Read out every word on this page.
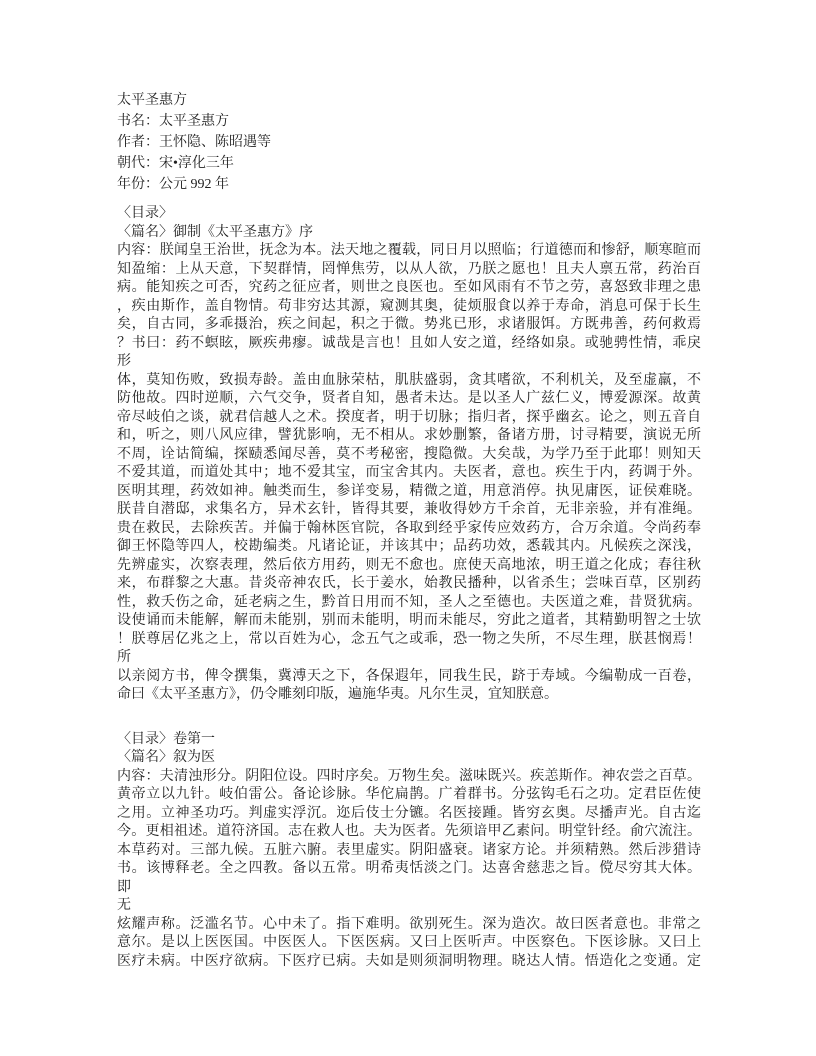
太平圣惠方
书名：太平圣惠方
作者：王怀隐、陈昭遇等
朝代：宋•淳化三年
年份：公元 992 年
〈目录〉
〈篇名〉御制《太平圣惠方》序
内容：朕闻皇王治世，抚念为本。法天地之覆载，同日月以照临；行道德而和惨舒，顺寒暄而
知盈缩：上从天意，下契群情，罔惮焦劳，以从人欲，乃朕之愿也！且夫人禀五常，药治百
病。能知疾之可否，究药之征应者，则世之良医也。至如风雨有不节之劳，喜怒致非理之患
，疾由斯作，盖自物情。苟非穷达其源，窥测其奥，徒烦服食以养于寿命，消息可保于长生
矣，自古同，多乖摄治，疾之间起，积之于微。势兆已形，求诸服饵。方既弗善，药何救焉
？书曰：药不螟眩，厥疾弗瘳。诚哉是言也！且如人安之道，经络如泉。或驰骋性情，乖戾
形
体，莫知伤败，致损寿龄。盖由血脉荣枯，肌肤盛弱，贪其嗜欲，不利机关，及至虚羸，不
防他故。四时逆顺，六气交争，贤者自知，愚者未达。是以圣人广兹仁义，博爱源深。故黄
帝尽岐伯之谈，就君信越人之术。揆度者，明于切脉；指归者，探乎幽玄。论之，则五音自
和，听之，则八风应律，譬犹影响，无不相从。求妙删繁，备诸方册，讨寻精要，演说无所
不周，诠诂简编，探赜悉闻尽善，莫不考秘密，搜隐微。大矣哉，为学乃至于此耶！则知天
不爱其道，而道处其中；地不爱其宝，而宝舍其内。夫医者，意也。疾生于内，药调于外。
医明其理，药效如神。触类而生，参详变易，精微之道，用意消停。执见庸医，证侯难晓。
朕昔自潜邸，求集名方，异术玄针，皆得其要，兼收得妙方千余首，无非亲验，并有准绳。
贵在救民，去除疾苦。并偏于翰林医官院，各取到经乎家传应效药方，合万余道。令尚药奉
御王怀隐等四人，校勘编类。凡诸论证，并该其中；品药功效，悉载其内。凡候疾之深浅，
先辨虚实，次察表理，然后依方用药，则无不愈也。庶使天高地浓，明王道之化成；春往秋
来，布群黎之大惠。昔炎帝神农氏，长于姜水，始教民播种，以省杀生；尝味百草，区别药
性，救夭伤之命，延老病之生，黔首日用而不知，圣人之至德也。夫医道之难，昔贤犹病。
设使诵而未能解，解而未能别，别而未能明，明而未能尽，穷此之道者，其精勤明智之士欤
！朕尊居亿兆之上，常以百姓为心，念五气之或乖，恐一物之失所，不尽生理，朕甚悯焉！
所
以亲阅方书，俾令撰集，冀溥天之下，各保遐年，同我生民，跻于寿域。今编勒成一百卷，
命曰《太平圣惠方》，仍令雕刻印版，遍施华夷。凡尔生灵，宜知朕意。
〈目录〉卷第一
〈篇名〉叙为医
内容：夫清浊形分。阴阳位设。四时序矣。万物生矣。滋味既兴。疾恙斯作。神农尝之百草。
黄帝立以九针。岐伯雷公。备论诊脉。华佗扁鹊。广着群书。分弦钩毛石之功。定君臣佐使
之用。立神圣功巧。判虚实浮沉。迩后伎士分镳。名医接踵。皆穷玄奥。尽播声光。自古迄
今。更相祖述。道符济国。志在救人也。夫为医者。先须谙甲乙素问。明堂针经。俞穴流注。
本草药对。三部九候。五脏六腑。表里虚实。阴阳盛衰。诸家方论。并须精熟。然后涉猎诗
书。该博释老。全之四教。备以五常。明希夷恬淡之门。达喜舍慈悲之旨。傥尽穷其大体。
即
无
炫耀声称。泛滥名节。心中未了。指下难明。欲别死生。深为造次。故曰医者意也。非常之
意尔。是以上医医国。中医医人。下医医病。又曰上医听声。中医察色。下医诊脉。又曰上
医疗未病。中医疗欲病。下医疗已病。夫如是则须洞明物理。晓达人情。悟造化之变通。定
